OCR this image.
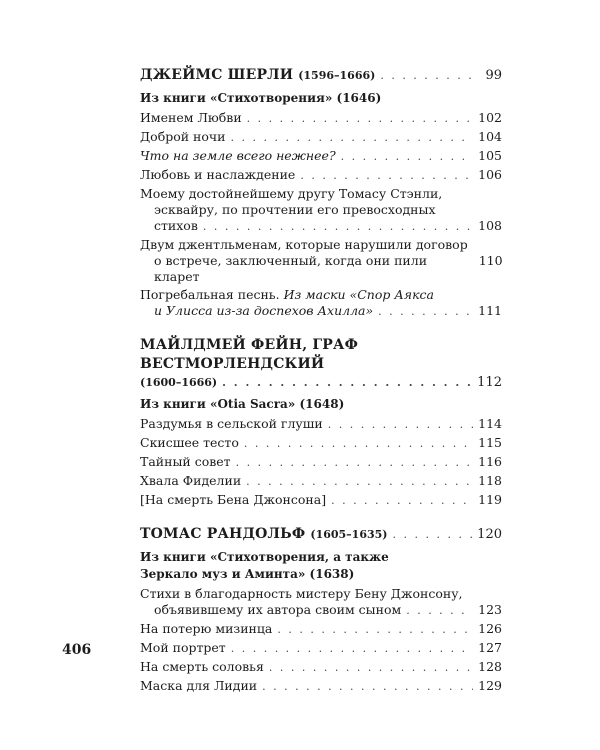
406
ДЖЕЙМС ШЕРЛИ (1596–1666) . . .	99
Из книги «Стихотворения» (1646)
Именем Любви . . .	102
Доброй ночи . . .	104
Что на земле всего нежнее? . . .	105
Любовь и наслаждение . . .	106
Моему достойнейшему другу Томасу Стэнли,
эсквайру, по прочтении его превосходных
стихов . . .	108
Двум джентльменам, которые нарушили договор
о встрече, заключенный, когда они пили кларет
110
Погребальная песнь. Из маски «Спор Аякса
и Улисса из-за доспехов Ахилла» . . .	111
МАЙЛДМЕЙ ФЕЙН, ГРАФ ВЕСТМОРЛЕНДСКИЙ
(1600–1666) . . .	112
Из книги «Otia Sacra» (1648)
Раздумья в сельской глуши . . .	114
Скисшее тесто . . .	115
Тайный совет . . .	116
Хвала Фиделии . . .	118
[На смерть Бена Джонсона] . . .	119
ТОМАС РАНДОЛЬФ (1605–1635) . . .	120
Из книги «Стихотворения, а также
Зеркало муз и Аминта» (1638)
Стихи в благодарность мистеру Бену Джонсону,
объявившему их автора своим сыном . . .	123
На потерю мизинца . . .	126
Мой портрет . . .	127
На смерть соловья . . .	128
Маска для Лидии . . .	129
